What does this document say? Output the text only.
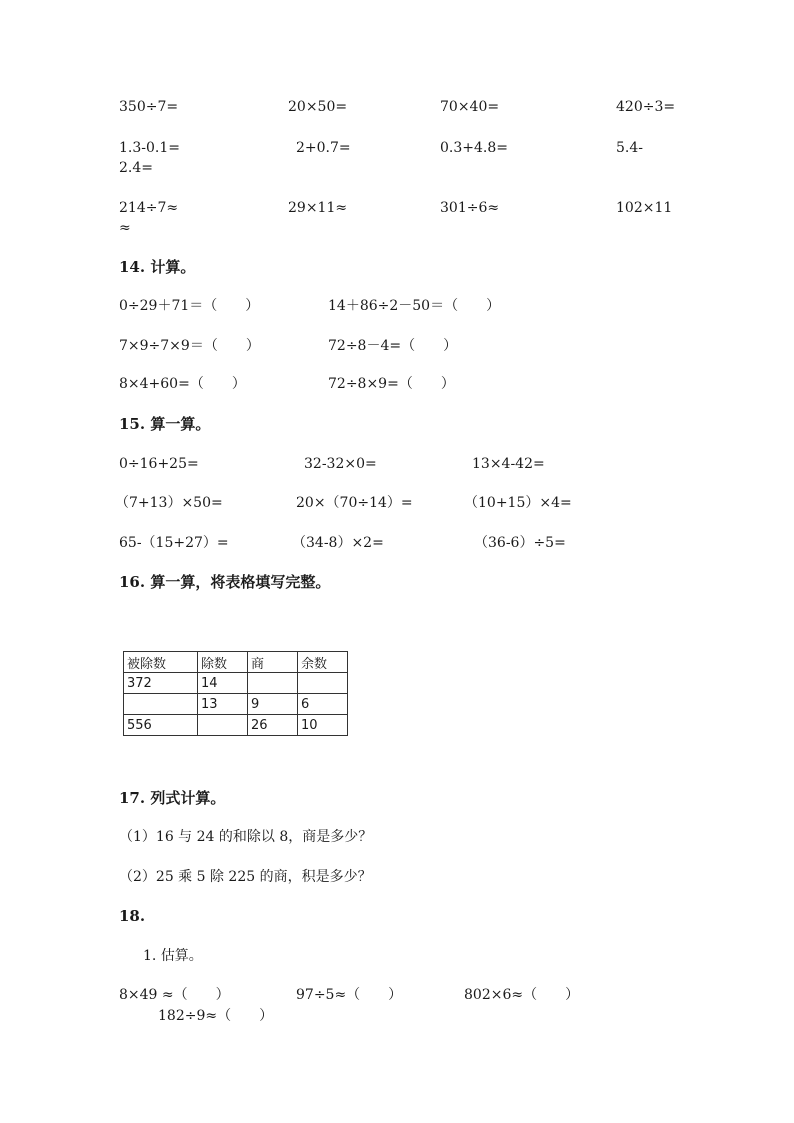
350÷7=	20×50=	70×40=	420÷3=
1.3-0.1=	2+0.7=	0.3+4.8=	5.4-
2.4=
214÷7≈	29×11≈	301÷6≈	102×11
≈
14. 计算。
0÷29＋71＝（　　）	14＋86÷2－50＝（　　）
7×9÷7×9＝（　　）	72÷8－4=（　　）
8×4+60=（　　）	72÷8×9=（　　）
15. 算一算。
0÷16+25=	32-32×0=	13×4-42=
（7+13）×50=	20×（70÷14）=	（10+15）×4=
65-（15+27）=	（34-8）×2=	（36-6）÷5=
16. 算一算，将表格填写完整。
被除数	除数	商	余数
372	14		
	13	9	6
556		26	10
17. 列式计算。
（1）16 与 24 的和除以 8，商是多少？
（2）25 乘 5 除 225 的商，积是多少？
18.
1. 估算。
8×49 ≈（　　）	97÷5≈（　　）	802×6≈（　　）
182÷9≈（　　）
